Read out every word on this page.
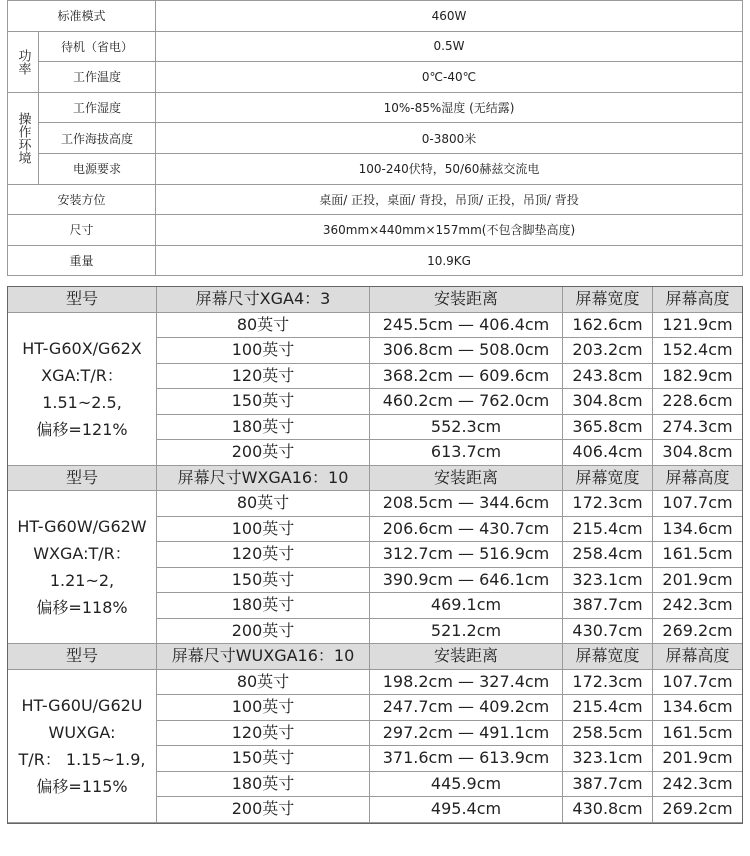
标准模式		460W
功率	待机（省电）	0.5W
	工作温度	0℃-40℃
操作环境	工作湿度	10%-85%湿度 (无结露)
	工作海拔高度	0-3800米
	电源要求	100-240伏特，50/60赫兹交流电
安装方位		桌面/ 正投，桌面/ 背投，吊顶/ 正投，吊顶/ 背投
尺寸		360mm×440mm×157mm(不包含脚垫高度)
重量		10.9KG
型号	屏幕尺寸XGA4：3	安装距离	屏幕宽度	屏幕高度

HT-G60X/G62X
XGA:T/R：
1.51~2.5,
偏移=121%	80英寸	245.5cm — 406.4cm	162.6cm	121.9cm
	100英寸	306.8cm — 508.0cm	203.2cm	152.4cm
	120英寸	368.2cm — 609.6cm	243.8cm	182.9cm
	150英寸	460.2cm — 762.0cm	304.8cm	228.6cm
	180英寸	552.3cm	365.8cm	274.3cm
	200英寸	613.7cm	406.4cm	304.8cm
型号	屏幕尺寸WXGA16：10	安装距离	屏幕宽度	屏幕高度

HT-G60W/G62W
WXGA:T/R：
1.21~2,
偏移=118%	80英寸	208.5cm — 344.6cm	172.3cm	107.7cm
	100英寸	206.6cm — 430.7cm	215.4cm	134.6cm
	120英寸	312.7cm — 516.9cm	258.4cm	161.5cm
	150英寸	390.9cm — 646.1cm	323.1cm	201.9cm
	180英寸	469.1cm	387.7cm	242.3cm
	200英寸	521.2cm	430.7cm	269.2cm
型号	屏幕尺寸WUXGA16：10	安装距离	屏幕宽度	屏幕高度

HT-G60U/G62U
WUXGA:
T/R： 1.15~1.9,
偏移=115%	80英寸	198.2cm — 327.4cm	172.3cm	107.7cm
	100英寸	247.7cm — 409.2cm	215.4cm	134.6cm
	120英寸	297.2cm — 491.1cm	258.5cm	161.5cm
	150英寸	371.6cm — 613.9cm	323.1cm	201.9cm
	180英寸	445.9cm	387.7cm	242.3cm
	200英寸	495.4cm	430.8cm	269.2cm
